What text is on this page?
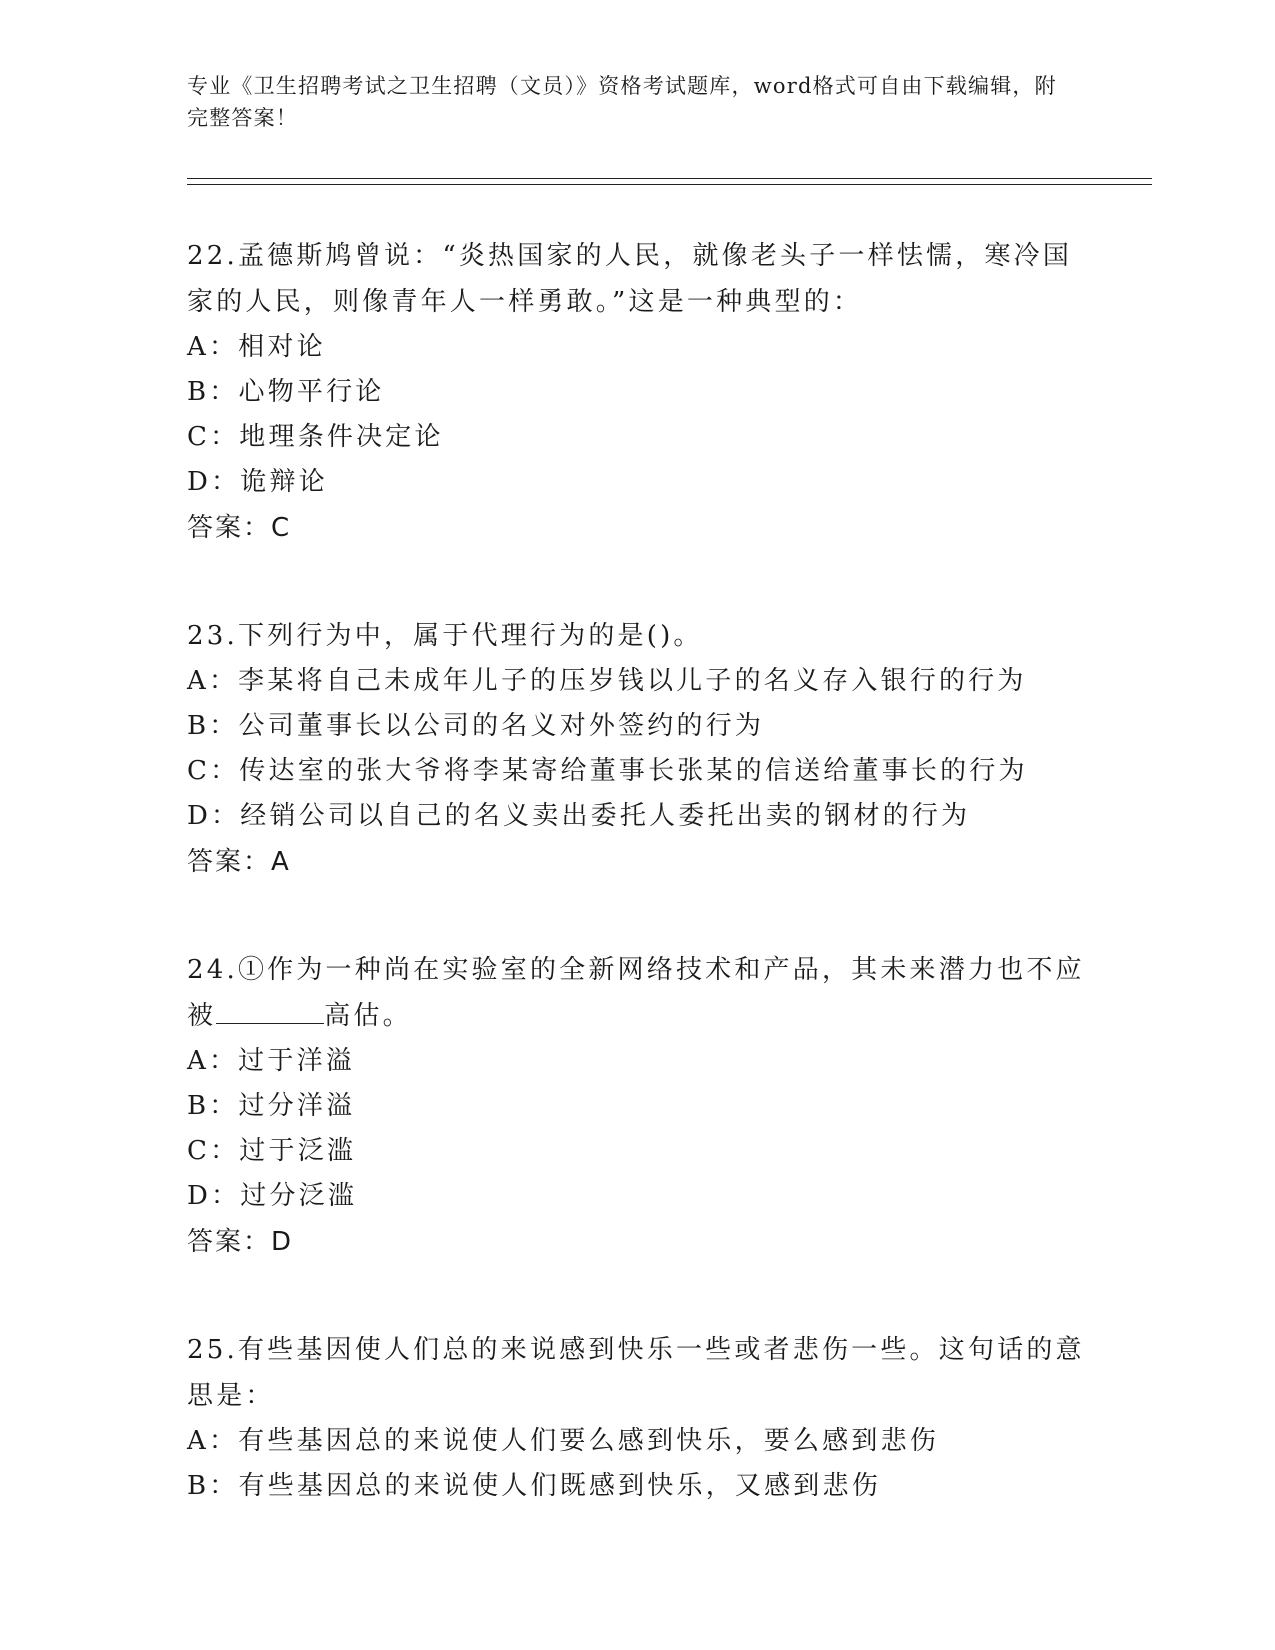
专业《卫生招聘考试之卫生招聘（文员）》资格考试题库，word格式可自由下载编辑，附完整答案！

22.孟德斯鸠曾说：“炎热国家的人民，就像老头子一样怯懦，寒冷国家的人民，则像青年人一样勇敢。”这是一种典型的：

A：相对论

B：心物平行论

C：地理条件决定论

D：诡辩论

答案：C

23.下列行为中，属于代理行为的是()。

A：李某将自己未成年儿子的压岁钱以儿子的名义存入银行的行为

B：公司董事长以公司的名义对外签约的行为

C：传达室的张大爷将李某寄给董事长张某的信送给董事长的行为

D：经销公司以自己的名义卖出委托人委托出卖的钢材的行为

答案：A

24.①作为一种尚在实验室的全新网络技术和产品，其未来潜力也不应被	高估。

A：过于洋溢

B：过分洋溢

C：过于泛滥

D：过分泛滥

答案：D

25.有些基因使人们总的来说感到快乐一些或者悲伤一些。这句话的意思是：

A：有些基因总的来说使人们要么感到快乐，要么感到悲伤

B：有些基因总的来说使人们既感到快乐，又感到悲伤
